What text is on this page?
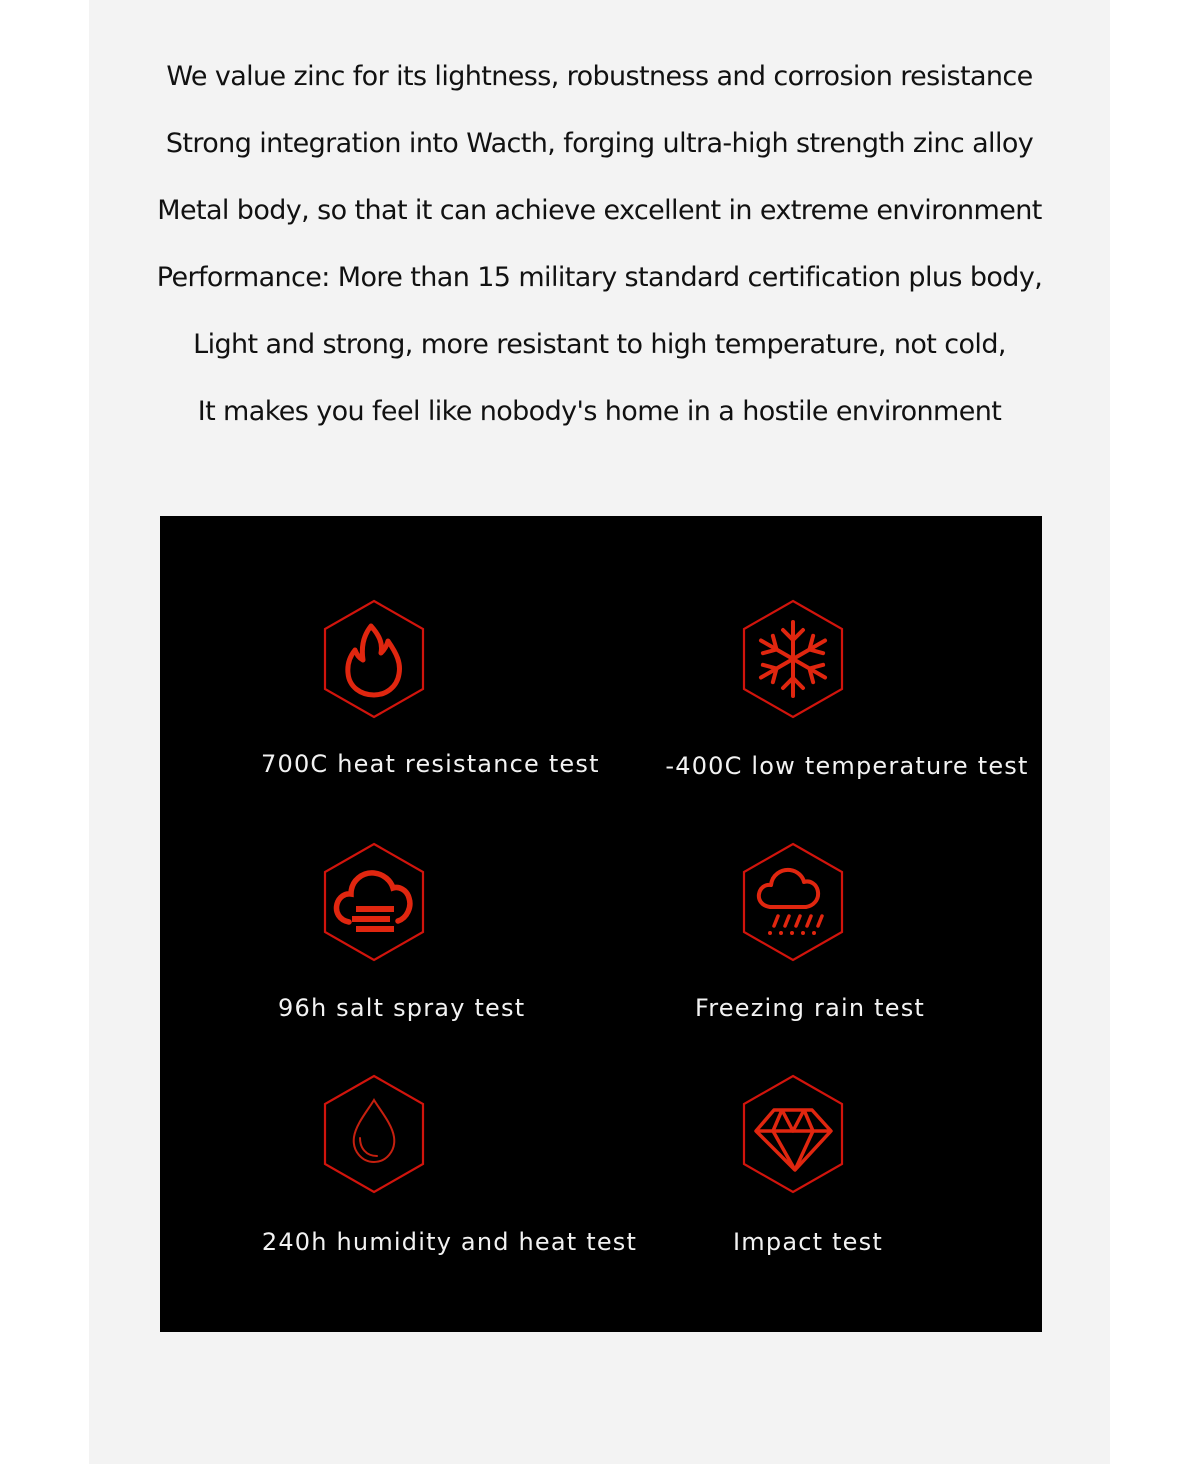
We value zinc for its lightness, robustness and corrosion resistance
Strong integration into Wacth, forging ultra-high strength zinc alloy
Metal body, so that it can achieve excellent in extreme environment
Performance: More than 15 military standard certification plus body,
Light and strong, more resistant to high temperature, not cold,
It makes you feel like nobody's home in a hostile environment
700C heat resistance test	-400C low temperature test
96h salt spray test	Freezing rain test
240h humidity and heat test	Impact test
